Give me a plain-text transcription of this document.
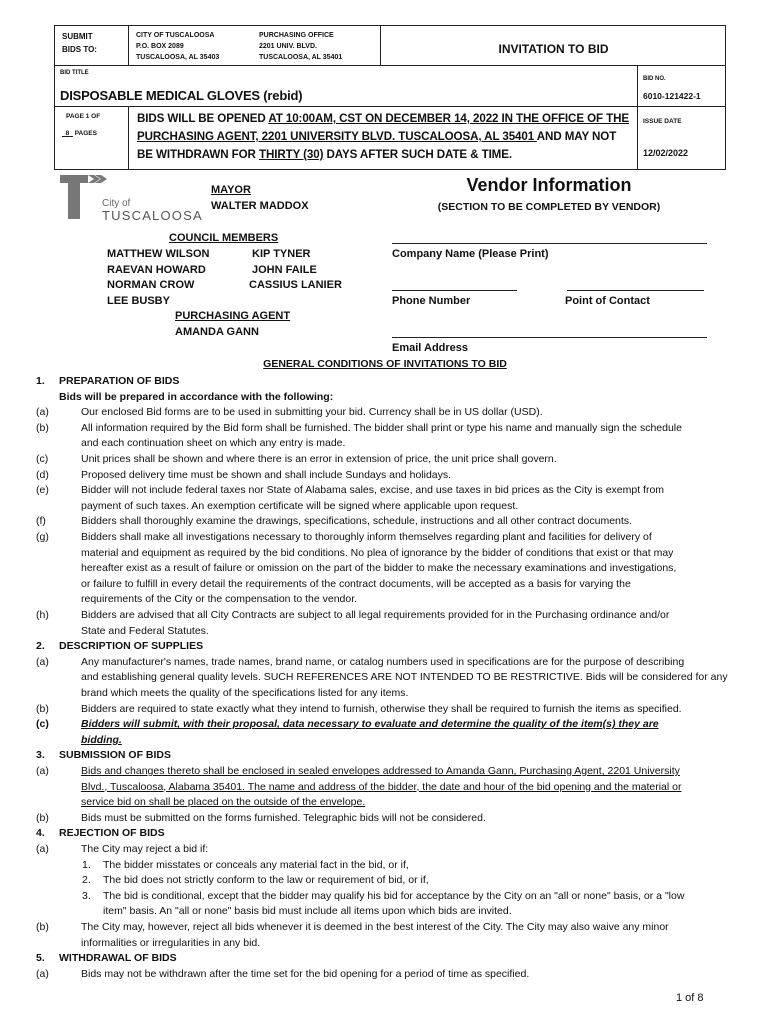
SUBMIT
BIDS TO:
CITY OF TUSCALOOSA
P.O. BOX 2089
TUSCALOOSA, AL 35403
PURCHASING OFFICE
2201 UNIV. BLVD.
TUSCALOOSA, AL 35401
INVITATION TO BID
BID TITLE
DISPOSABLE MEDICAL GLOVES (rebid)
BID NO.
6010-121422-1
PAGE 1 OF
8 PAGES
BIDS WILL BE OPENED AT 10:00AM, CST ON DECEMBER 14, 2022 IN THE OFFICE OF THE PURCHASING AGENT, 2201 UNIVERSITY BLVD. TUSCALOOSA, AL 35401 AND MAY NOT BE WITHDRAWN FOR THIRTY (30) DAYS AFTER SUCH DATE & TIME.
ISSUE DATE
12/02/2022
City of
TUSCALOOSA
MAYOR
WALTER MADDOX
COUNCIL MEMBERS
MATTHEW WILSON
RAEVAN HOWARD
NORMAN CROW
LEE BUSBY
KIP TYNER
JOHN FAILE
CASSIUS LANIER
PURCHASING AGENT
AMANDA GANN
Vendor Information
(SECTION TO BE COMPLETED BY VENDOR)
Company Name (Please Print)
Phone Number	Point of Contact
Email Address
GENERAL CONDITIONS OF INVITATIONS TO BID
1. PREPARATION OF BIDS
Bids will be prepared in accordance with the following:
(a)	Our enclosed Bid forms are to be used in submitting your bid. Currency shall be in US dollar (USD).
(b)	All information required by the Bid form shall be furnished. The bidder shall print or type his name and manually sign the schedule
and each continuation sheet on which any entry is made.
(c)	Unit prices shall be shown and where there is an error in extension of price, the unit price shall govern.
(d)	Proposed delivery time must be shown and shall include Sundays and holidays.
(e)	Bidder will not include federal taxes nor State of Alabama sales, excise, and use taxes in bid prices as the City is exempt from
payment of such taxes. An exemption certificate will be signed where applicable upon request.
(f)	Bidders shall thoroughly examine the drawings, specifications, schedule, instructions and all other contract documents.
(g)	Bidders shall make all investigations necessary to thoroughly inform themselves regarding plant and facilities for delivery of
material and equipment as required by the bid conditions. No plea of ignorance by the bidder of conditions that exist or that may
hereafter exist as a result of failure or omission on the part of the bidder to make the necessary examinations and investigations,
or failure to fulfill in every detail the requirements of the contract documents, will be accepted as a basis for varying the
requirements of the City or the compensation to the vendor.
(h)	Bidders are advised that all City Contracts are subject to all legal requirements provided for in the Purchasing ordinance and/or
State and Federal Statutes.
2. DESCRIPTION OF SUPPLIES
(a)	Any manufacturer's names, trade names, brand name, or catalog numbers used in specifications are for the purpose of describing
and establishing general quality levels. SUCH REFERENCES ARE NOT INTENDED TO BE RESTRICTIVE. Bids will be considered for any
brand which meets the quality of the specifications listed for any items.
(b)	Bidders are required to state exactly what they intend to furnish, otherwise they shall be required to furnish the items as specified.
(c)	Bidders will submit, with their proposal, data necessary to evaluate and determine the quality of the item(s) they are
bidding.
3. SUBMISSION OF BIDS
(a)	Bids and changes thereto shall be enclosed in sealed envelopes addressed to Amanda Gann, Purchasing Agent, 2201 University
Blvd., Tuscaloosa, Alabama 35401. The name and address of the bidder, the date and hour of the bid opening and the material or
service bid on shall be placed on the outside of the envelope.
(b)	Bids must be submitted on the forms furnished. Telegraphic bids will not be considered.
4. REJECTION OF BIDS
(a)	The City may reject a bid if:
1. The bidder misstates or conceals any material fact in the bid, or if,
2. The bid does not strictly conform to the law or requirement of bid, or if,
3. The bid is conditional, except that the bidder may qualify his bid for acceptance by the City on an "all or none" basis, or a "low
item" basis. An "all or none" basis bid must include all items upon which bids are invited.
(b)	The City may, however, reject all bids whenever it is deemed in the best interest of the City. The City may also waive any minor
informalities or irregularities in any bid.
5. WITHDRAWAL OF BIDS
(a)	Bids may not be withdrawn after the time set for the bid opening for a period of time as specified.
1 of 8
